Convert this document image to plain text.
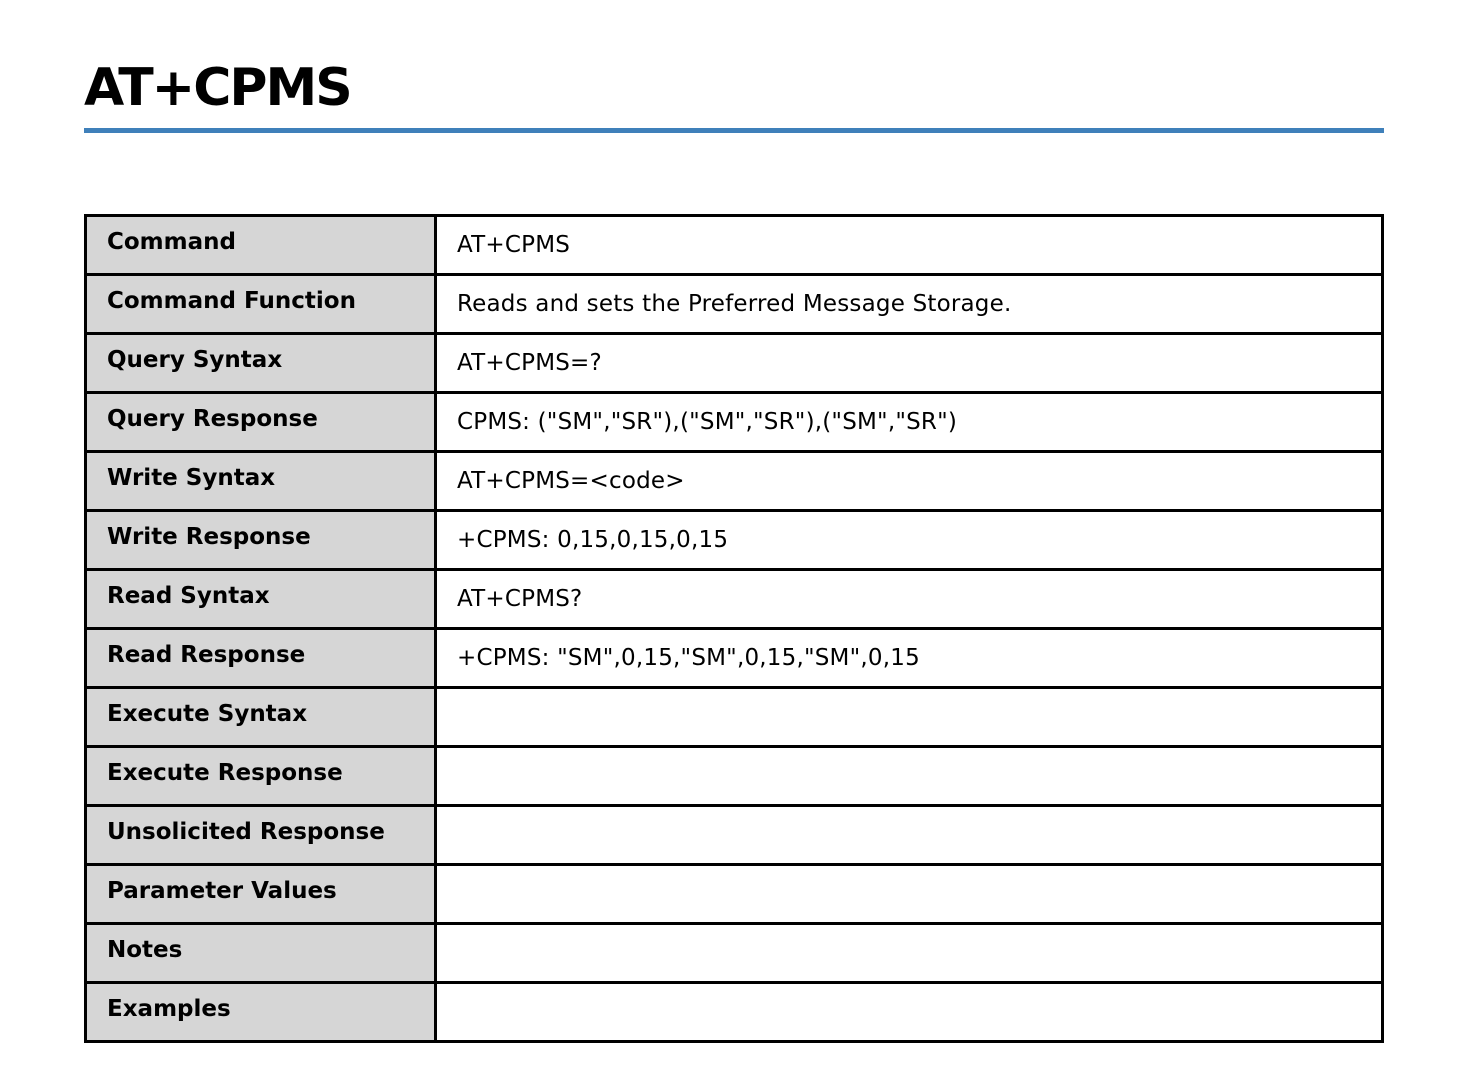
AT+CPMS
Command	AT+CPMS
Command Function	Reads and sets the Preferred Message Storage.
Query Syntax	AT+CPMS=?
Query Response	CPMS: ("SM","SR"),("SM","SR"),("SM","SR")
Write Syntax	AT+CPMS=<code>
Write Response	+CPMS: 0,15,0,15,0,15
Read Syntax	AT+CPMS?
Read Response	+CPMS: "SM",0,15,"SM",0,15,"SM",0,15
Execute Syntax	
Execute Response	
Unsolicited Response	
Parameter Values	
Notes	
Examples	
